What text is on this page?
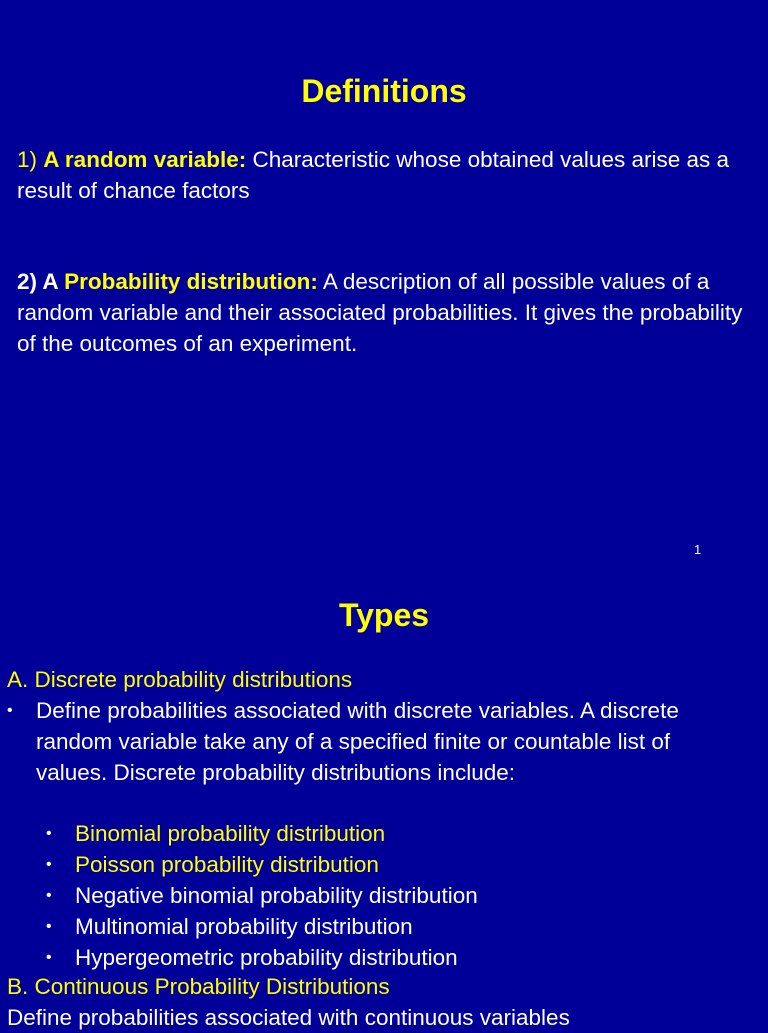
Definitions

1) A random variable: Characteristic whose obtained values arise as a result of chance factors

2) A Probability distribution: A description of all possible values of a random variable and their associated probabilities. It gives the probability of the outcomes of an experiment.

1
Types

A. Discrete probability distributions

• Define probabilities associated with discrete variables. A discrete random variable take any of a specified finite or countable list of values. Discrete probability distributions include:
• Binomial probability distribution
• Poisson probability distribution
• Negative binomial probability distribution
• Multinomial probability distribution
• Hypergeometric probability distribution

B. Continuous Probability Distributions

Define probabilities associated with continuous variables
